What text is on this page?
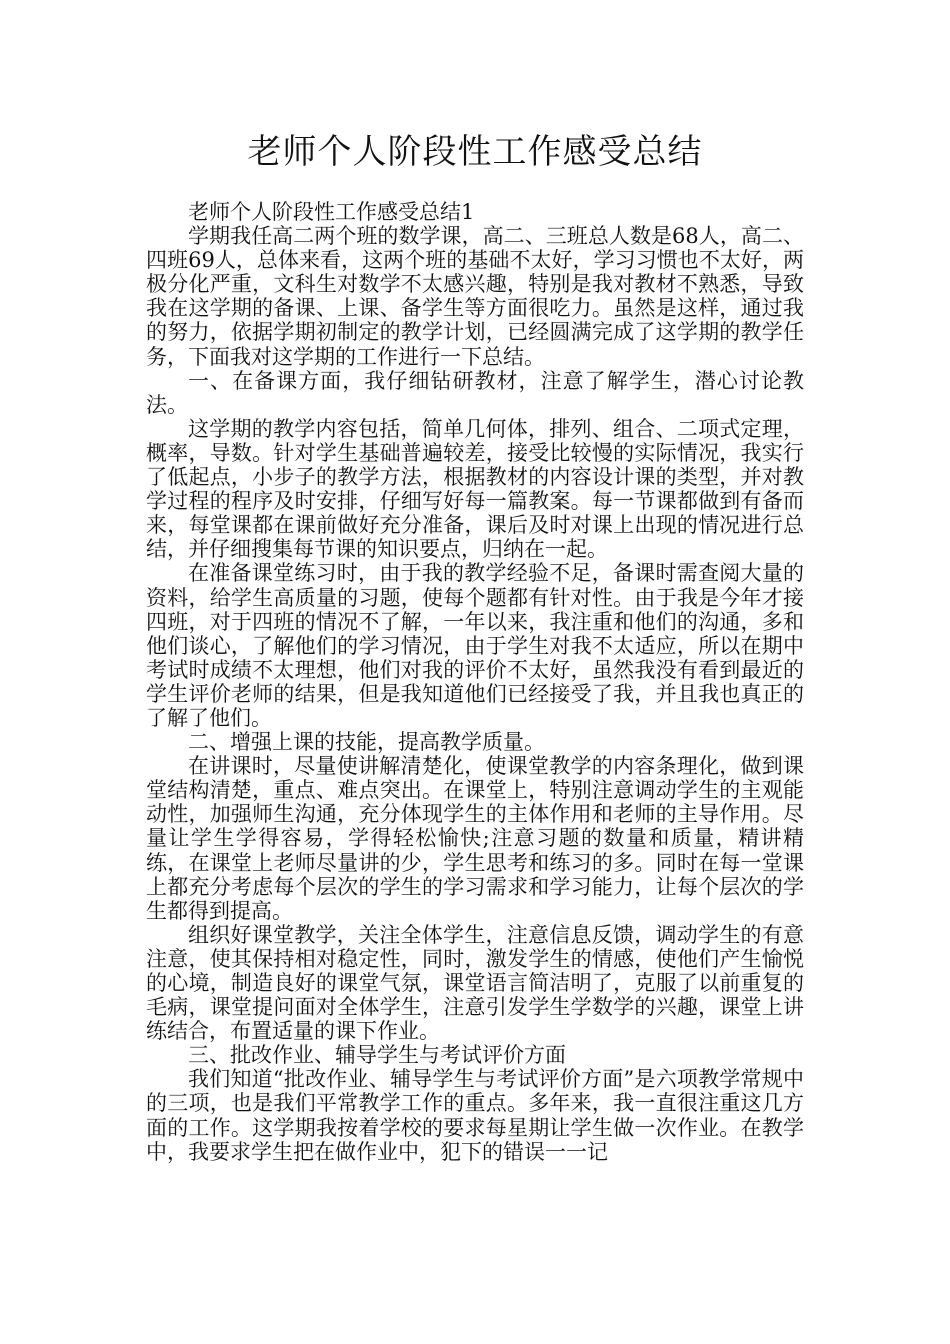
老师个人阶段性工作感受总结

老师个人阶段性工作感受总结1

学期我任高二两个班的数学课，高二、三班总人数是68人，高二、四班69人，总体来看，这两个班的基础不太好，学习习惯也不太好，两极分化严重，文科生对数学不太感兴趣，特别是我对教材不熟悉，导致我在这学期的备课、上课、备学生等方面很吃力。虽然是这样，通过我的努力，依据学期初制定的教学计划，已经圆满完成了这学期的教学任务，下面我对这学期的工作进行一下总结。

一、在备课方面，我仔细钻研教材，注意了解学生，潜心讨论教法。

这学期的教学内容包括，简单几何体，排列、组合、二项式定理，概率，导数。针对学生基础普遍较差，接受比较慢的实际情况，我实行了低起点，小步子的教学方法，根据教材的内容设计课的类型，并对教学过程的程序及时安排，仔细写好每一篇教案。每一节课都做到有备而来，每堂课都在课前做好充分准备，课后及时对课上出现的情况进行总结，并仔细搜集每节课的知识要点，归纳在一起。

在准备课堂练习时，由于我的教学经验不足，备课时需查阅大量的资料，给学生高质量的习题，使每个题都有针对性。由于我是今年才接四班，对于四班的情况不了解，一年以来，我注重和他们的沟通，多和他们谈心，了解他们的学习情况，由于学生对我不太适应，所以在期中考试时成绩不太理想，他们对我的评价不太好，虽然我没有看到最近的学生评价老师的结果，但是我知道他们已经接受了我，并且我也真正的了解了他们。

二、增强上课的技能，提高教学质量。

在讲课时，尽量使讲解清楚化，使课堂教学的内容条理化，做到课堂结构清楚，重点、难点突出。在课堂上，特别注意调动学生的主观能动性，加强师生沟通，充分体现学生的主体作用和老师的主导作用。尽量让学生学得容易，学得轻松愉快;注意习题的数量和质量，精讲精练，在课堂上老师尽量讲的少，学生思考和练习的多。同时在每一堂课上都充分考虑每个层次的学生的学习需求和学习能力，让每个层次的学生都得到提高。

组织好课堂教学，关注全体学生，注意信息反馈，调动学生的有意注意，使其保持相对稳定性，同时，激发学生的情感，使他们产生愉悦的心境，制造良好的课堂气氛，课堂语言简洁明了，克服了以前重复的毛病，课堂提问面对全体学生，注意引发学生学数学的兴趣，课堂上讲练结合，布置适量的课下作业。

三、批改作业、辅导学生与考试评价方面

我们知道“批改作业、辅导学生与考试评价方面”是六项教学常规中的三项，也是我们平常教学工作的重点。多年来，我一直很注重这几方面的工作。这学期我按着学校的要求每星期让学生做一次作业。在教学中，我要求学生把在做作业中，犯下的错误一一记
